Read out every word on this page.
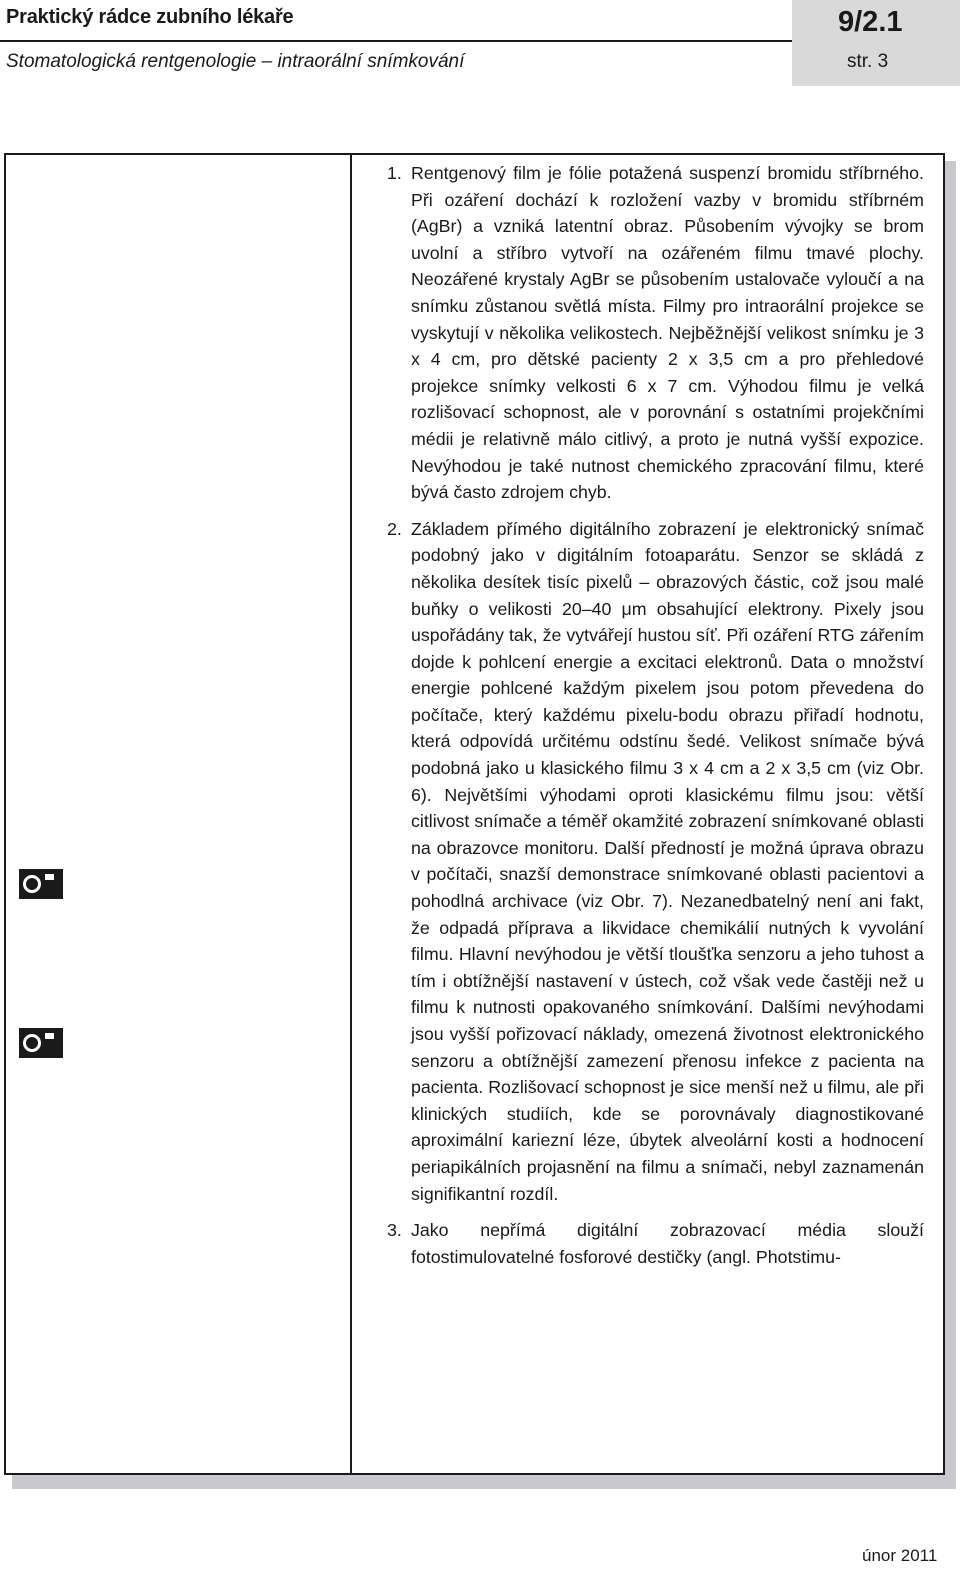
Praktický rádce zubního lékaře
Stomatologická rentgenologie – intraorální snímkování
9/2.1
str. 3
1. Rentgenový film je fólie potažená suspenzí bromidu stříbrného. Při ozáření dochází k rozložení vazby v bromidu stříbrném (AgBr) a vzniká latentní obraz. Působením vývojky se brom uvolní a stříbro vytvoří na ozářeném filmu tmavé plochy. Neozářené krystaly AgBr se působením ustalovače vyloučí a na snímku zůstanou světlá místa. Filmy pro intraorální projekce se vyskytují v několika velikostech. Nejběžnější velikost snímku je 3 x 4 cm, pro dětské pacienty 2 x 3,5 cm a pro přehledové projekce snímky velkosti 6 x 7 cm. Výhodou filmu je velká rozlišovací schopnost, ale v porovnání s ostatními projekčními médii je relativně málo citlivý, a proto je nutná vyšší expozice. Nevýhodou je také nutnost chemického zpracování filmu, které bývá často zdrojem chyb.
2. Základem přímého digitálního zobrazení je elektronický snímač podobný jako v digitálním fotoaparátu. Senzor se skládá z několika desítek tisíc pixelů – obrazových částic, což jsou malé buňky o velikosti 20–40 μm obsahující elektrony. Pixely jsou uspořádány tak, že vytvářejí hustou síť. Při ozáření RTG zářením dojde k pohlcení energie a excitaci elektronů. Data o množství energie pohlcené každým pixelem jsou potom převedena do počítače, který každému pixelu-bodu obrazu přiřadí hodnotu, která odpovídá určitému odstínu šedé. Velikost snímače bývá podobná jako u klasického filmu 3 x 4 cm a 2 x 3,5 cm (viz Obr. 6). Největšími výhodami oproti klasickému filmu jsou: větší citlivost snímače a téměř okamžité zobrazení snímkované oblasti na obrazovce monitoru. Další předností je možná úprava obrazu v počítači, snazší demonstrace snímkované oblasti pacientovi a pohodlná archivace (viz Obr. 7). Nezanedbatelný není ani fakt, že odpadá příprava a likvidace chemikálií nutných k vyvolání filmu. Hlavní nevýhodou je větší tloušťka senzoru a jeho tuhost a tím i obtížnější nastavení v ústech, což však vede častěji než u filmu k nutnosti opakovaného snímkování. Dalšími nevýhodami jsou vyšší pořizovací náklady, omezená životnost elektronického senzoru a obtížnější zamezení přenosu infekce z pacienta na pacienta. Rozlišovací schopnost je sice menší než u filmu, ale při klinických studiích, kde se porovnávaly diagnostikované aproximální kariezní léze, úbytek alveolární kosti a hodnocení periapikálních projasnění na filmu a snímači, nebyl zaznamenán signifikantní rozdíl.
3. Jako nepřímá digitální zobrazovací média slouží fotostimulovatelné fosforové destičky (angl. Photstimu-
únor 2011
